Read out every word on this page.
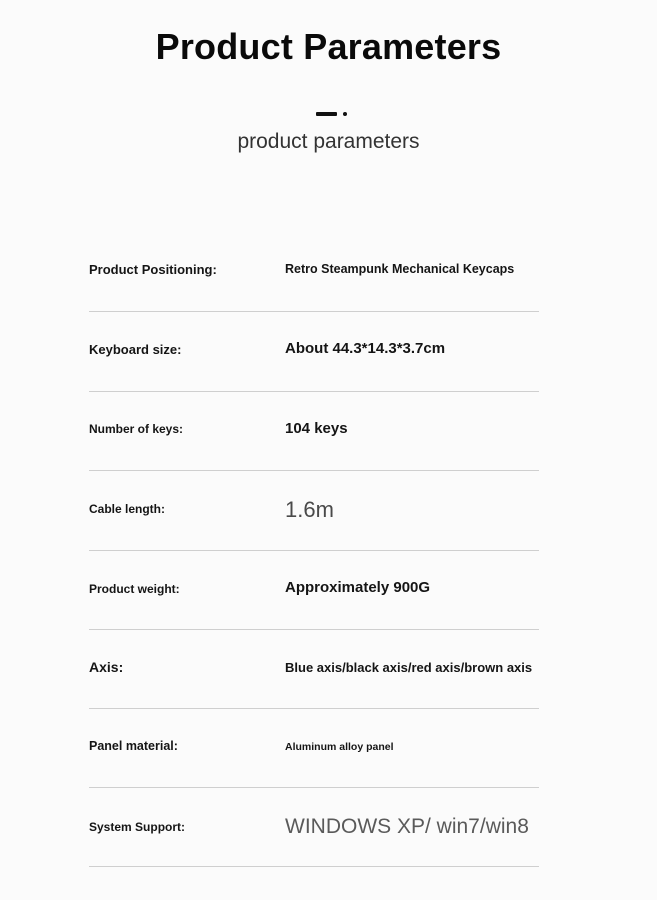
Product Parameters
product parameters
Product Positioning:	Retro Steampunk Mechanical Keycaps
Keyboard size:	About 44.3*14.3*3.7cm
Number of keys:	104 keys
Cable length:	1.6m
Product weight:	Approximately 900G
Axis:	Blue axis/black axis/red axis/brown axis
Panel material:	Aluminum alloy panel
System Support:	WINDOWS XP/ win7/win8
